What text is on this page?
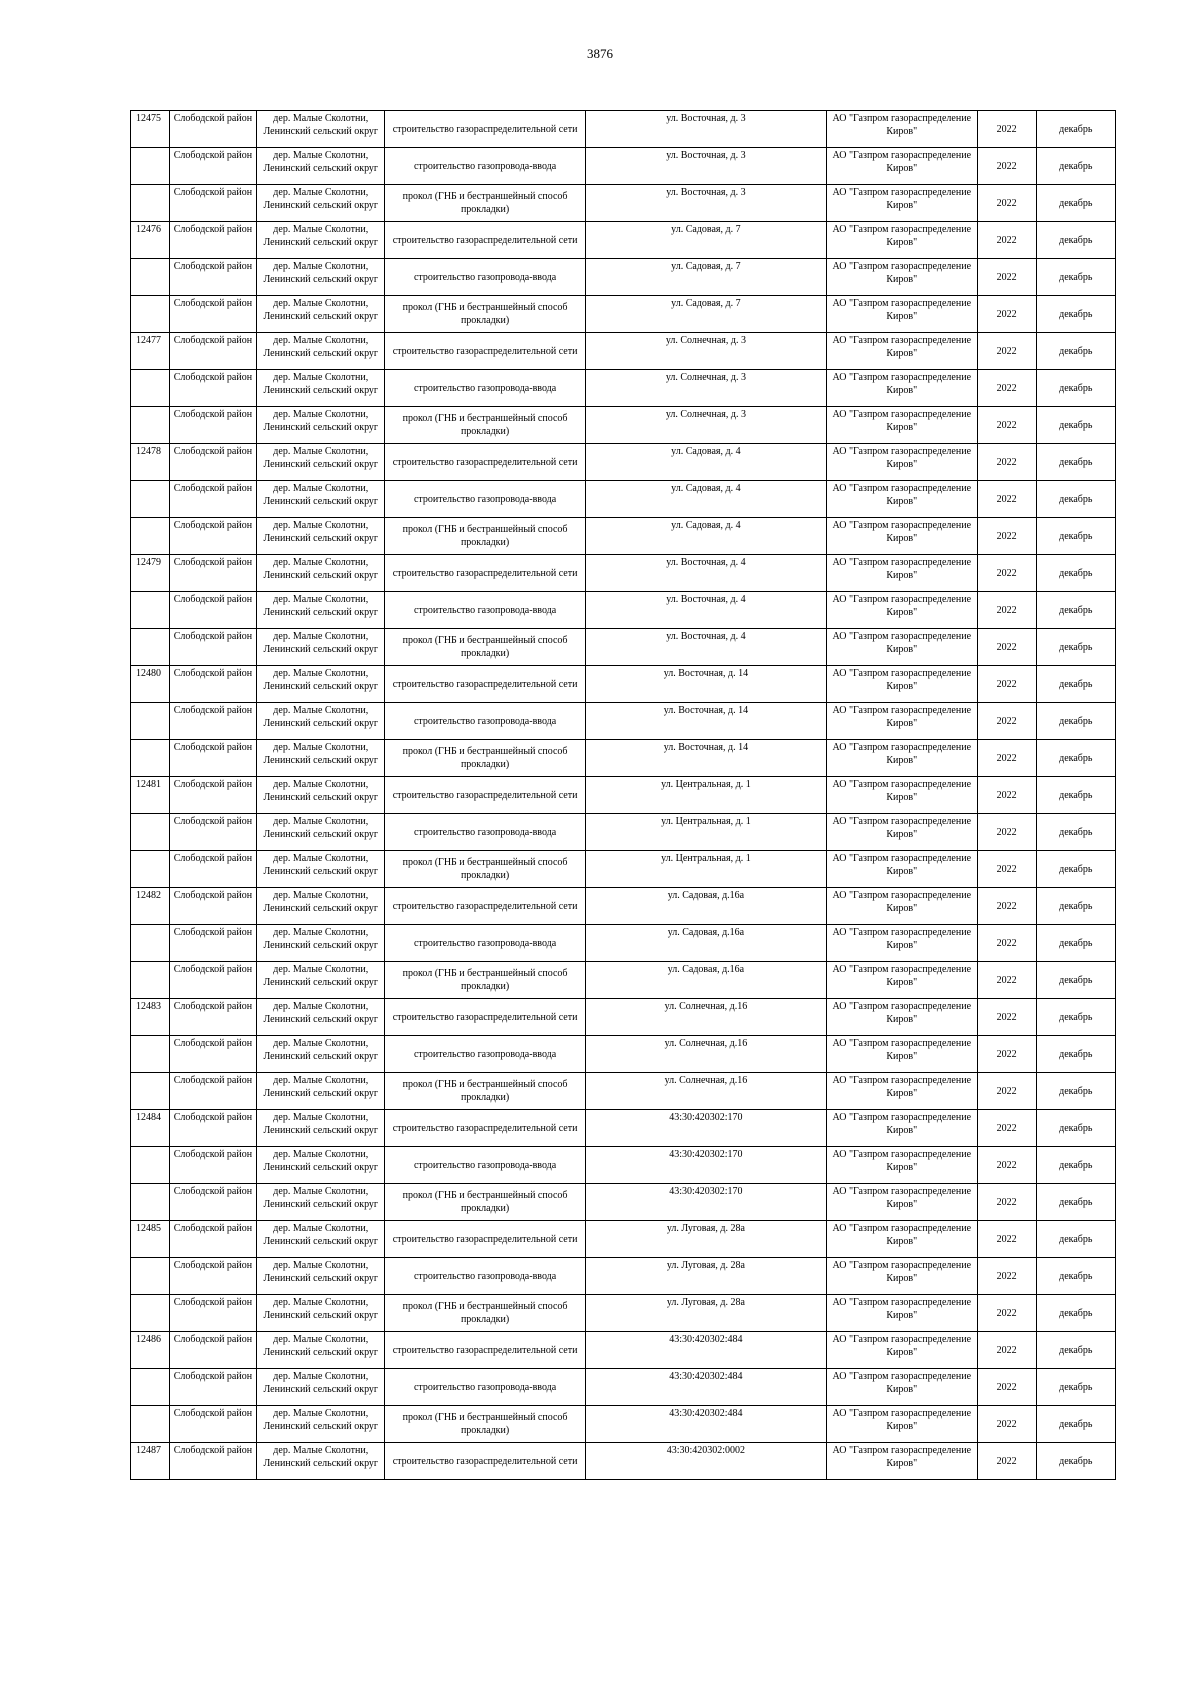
3876
12475	Слободской район	дер. Малые Сколотни, Ленинский сельский округ	строительство газораспределительной сети	ул. Восточная, д. 3	АО "Газпром газораспределение Киров"	2022	декабрь
	Слободской район	дер. Малые Сколотни, Ленинский сельский округ	строительство газопровода-ввода	ул. Восточная, д. 3	АО "Газпром газораспределение Киров"	2022	декабрь
	Слободской район	дер. Малые Сколотни, Ленинский сельский округ	прокол (ГНБ и бестраншейный способ прокладки)	ул. Восточная, д. 3	АО "Газпром газораспределение Киров"	2022	декабрь
12476	Слободской район	дер. Малые Сколотни, Ленинский сельский округ	строительство газораспределительной сети	ул. Садовая, д. 7	АО "Газпром газораспределение Киров"	2022	декабрь
	Слободской район	дер. Малые Сколотни, Ленинский сельский округ	строительство газопровода-ввода	ул. Садовая, д. 7	АО "Газпром газораспределение Киров"	2022	декабрь
	Слободской район	дер. Малые Сколотни, Ленинский сельский округ	прокол (ГНБ и бестраншейный способ прокладки)	ул. Садовая, д. 7	АО "Газпром газораспределение Киров"	2022	декабрь
12477	Слободской район	дер. Малые Сколотни, Ленинский сельский округ	строительство газораспределительной сети	ул. Солнечная, д. 3	АО "Газпром газораспределение Киров"	2022	декабрь
	Слободской район	дер. Малые Сколотни, Ленинский сельский округ	строительство газопровода-ввода	ул. Солнечная, д. 3	АО "Газпром газораспределение Киров"	2022	декабрь
	Слободской район	дер. Малые Сколотни, Ленинский сельский округ	прокол (ГНБ и бестраншейный способ прокладки)	ул. Солнечная, д. 3	АО "Газпром газораспределение Киров"	2022	декабрь
12478	Слободской район	дер. Малые Сколотни, Ленинский сельский округ	строительство газораспределительной сети	ул. Садовая, д. 4	АО "Газпром газораспределение Киров"	2022	декабрь
	Слободской район	дер. Малые Сколотни, Ленинский сельский округ	строительство газопровода-ввода	ул. Садовая, д. 4	АО "Газпром газораспределение Киров"	2022	декабрь
	Слободской район	дер. Малые Сколотни, Ленинский сельский округ	прокол (ГНБ и бестраншейный способ прокладки)	ул. Садовая, д. 4	АО "Газпром газораспределение Киров"	2022	декабрь
12479	Слободской район	дер. Малые Сколотни, Ленинский сельский округ	строительство газораспределительной сети	ул. Восточная, д. 4	АО "Газпром газораспределение Киров"	2022	декабрь
	Слободской район	дер. Малые Сколотни, Ленинский сельский округ	строительство газопровода-ввода	ул. Восточная, д. 4	АО "Газпром газораспределение Киров"	2022	декабрь
	Слободской район	дер. Малые Сколотни, Ленинский сельский округ	прокол (ГНБ и бестраншейный способ прокладки)	ул. Восточная, д. 4	АО "Газпром газораспределение Киров"	2022	декабрь
12480	Слободской район	дер. Малые Сколотни, Ленинский сельский округ	строительство газораспределительной сети	ул. Восточная, д. 14	АО "Газпром газораспределение Киров"	2022	декабрь
	Слободской район	дер. Малые Сколотни, Ленинский сельский округ	строительство газопровода-ввода	ул. Восточная, д. 14	АО "Газпром газораспределение Киров"	2022	декабрь
	Слободской район	дер. Малые Сколотни, Ленинский сельский округ	прокол (ГНБ и бестраншейный способ прокладки)	ул. Восточная, д. 14	АО "Газпром газораспределение Киров"	2022	декабрь
12481	Слободской район	дер. Малые Сколотни, Ленинский сельский округ	строительство газораспределительной сети	ул. Центральная, д. 1	АО "Газпром газораспределение Киров"	2022	декабрь
	Слободской район	дер. Малые Сколотни, Ленинский сельский округ	строительство газопровода-ввода	ул. Центральная, д. 1	АО "Газпром газораспределение Киров"	2022	декабрь
	Слободской район	дер. Малые Сколотни, Ленинский сельский округ	прокол (ГНБ и бестраншейный способ прокладки)	ул. Центральная, д. 1	АО "Газпром газораспределение Киров"	2022	декабрь
12482	Слободской район	дер. Малые Сколотни, Ленинский сельский округ	строительство газораспределительной сети	ул. Садовая, д.16а	АО "Газпром газораспределение Киров"	2022	декабрь
	Слободской район	дер. Малые Сколотни, Ленинский сельский округ	строительство газопровода-ввода	ул. Садовая, д.16а	АО "Газпром газораспределение Киров"	2022	декабрь
	Слободской район	дер. Малые Сколотни, Ленинский сельский округ	прокол (ГНБ и бестраншейный способ прокладки)	ул. Садовая, д.16а	АО "Газпром газораспределение Киров"	2022	декабрь
12483	Слободской район	дер. Малые Сколотни, Ленинский сельский округ	строительство газораспределительной сети	ул. Солнечная, д.16	АО "Газпром газораспределение Киров"	2022	декабрь
	Слободской район	дер. Малые Сколотни, Ленинский сельский округ	строительство газопровода-ввода	ул. Солнечная, д.16	АО "Газпром газораспределение Киров"	2022	декабрь
	Слободской район	дер. Малые Сколотни, Ленинский сельский округ	прокол (ГНБ и бестраншейный способ прокладки)	ул. Солнечная, д.16	АО "Газпром газораспределение Киров"	2022	декабрь
12484	Слободской район	дер. Малые Сколотни, Ленинский сельский округ	строительство газораспределительной сети	43:30:420302:170	АО "Газпром газораспределение Киров"	2022	декабрь
	Слободской район	дер. Малые Сколотни, Ленинский сельский округ	строительство газопровода-ввода	43:30:420302:170	АО "Газпром газораспределение Киров"	2022	декабрь
	Слободской район	дер. Малые Сколотни, Ленинский сельский округ	прокол (ГНБ и бестраншейный способ прокладки)	43:30:420302:170	АО "Газпром газораспределение Киров"	2022	декабрь
12485	Слободской район	дер. Малые Сколотни, Ленинский сельский округ	строительство газораспределительной сети	ул. Луговая, д. 28а	АО "Газпром газораспределение Киров"	2022	декабрь
	Слободской район	дер. Малые Сколотни, Ленинский сельский округ	строительство газопровода-ввода	ул. Луговая, д. 28а	АО "Газпром газораспределение Киров"	2022	декабрь
	Слободской район	дер. Малые Сколотни, Ленинский сельский округ	прокол (ГНБ и бестраншейный способ прокладки)	ул. Луговая, д. 28а	АО "Газпром газораспределение Киров"	2022	декабрь
12486	Слободской район	дер. Малые Сколотни, Ленинский сельский округ	строительство газораспределительной сети	43:30:420302:484	АО "Газпром газораспределение Киров"	2022	декабрь
	Слободской район	дер. Малые Сколотни, Ленинский сельский округ	строительство газопровода-ввода	43:30:420302:484	АО "Газпром газораспределение Киров"	2022	декабрь
	Слободской район	дер. Малые Сколотни, Ленинский сельский округ	прокол (ГНБ и бестраншейный способ прокладки)	43:30:420302:484	АО "Газпром газораспределение Киров"	2022	декабрь
12487	Слободской район	дер. Малые Сколотни, Ленинский сельский округ	строительство газораспределительной сети	43:30:420302:0002	АО "Газпром газораспределение Киров"	2022	декабрь
